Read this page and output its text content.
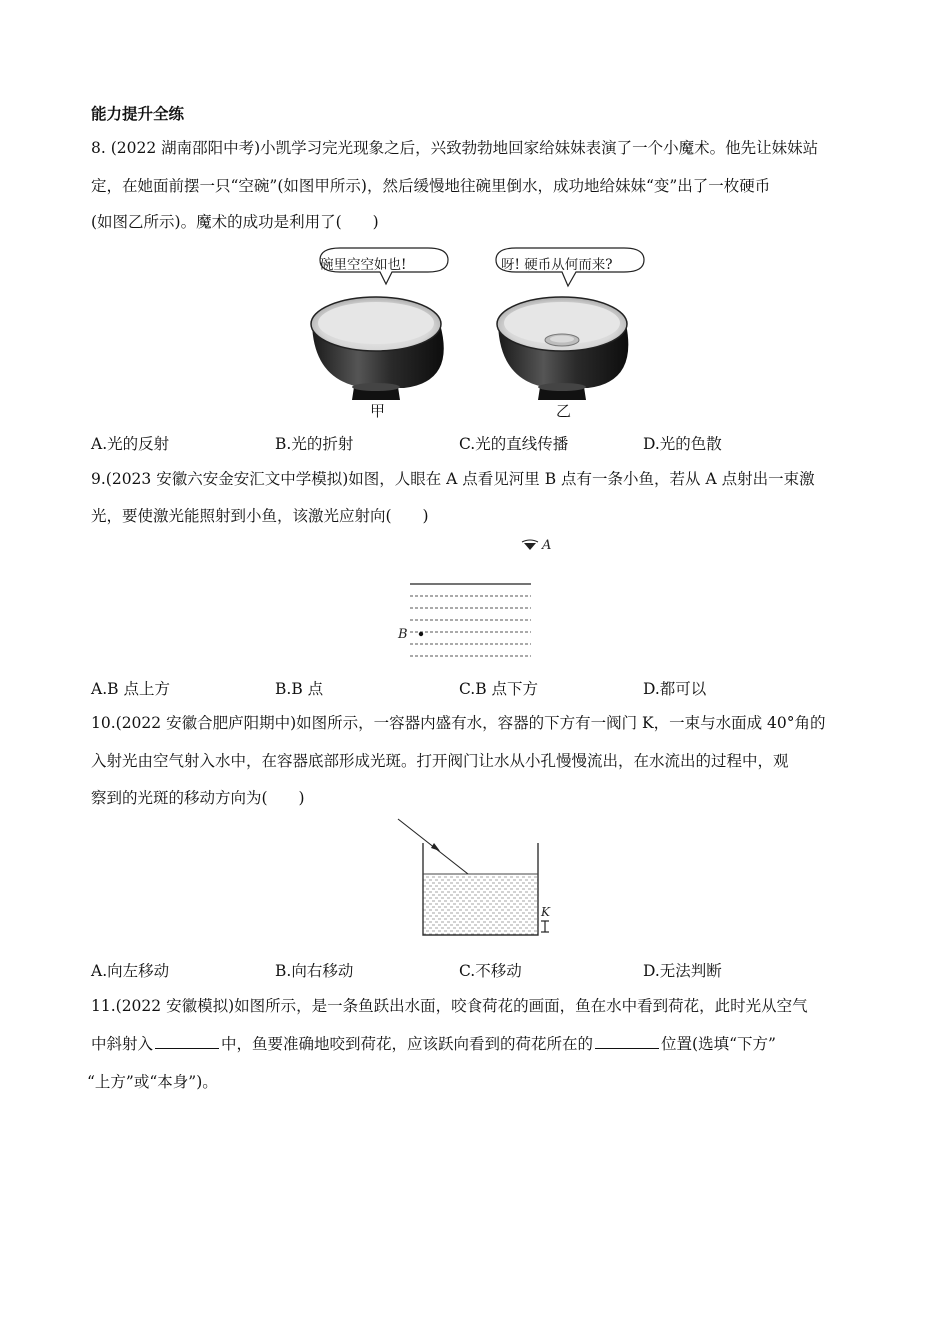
能力提升全练
8. (2022 湖南邵阳中考)小凯学习完光现象之后，兴致勃勃地回家给妹妹表演了一个小魔术。他先让妹妹站
定，在她面前摆一只“空碗”(如图甲所示)，然后缓慢地往碗里倒水，成功地给妹妹“变”出了一枚硬币
(如图乙所示)。魔术的成功是利用了(　　)
碗里空空如也!
甲
呀! 硬币从何而来?
乙
A.光的反射	B.光的折射	C.光的直线传播	D.光的色散
9.(2023 安徽六安金安汇文中学模拟)如图，人眼在 A 点看见河里 B 点有一条小鱼，若从 A 点射出一束激
光，要使激光能照射到小鱼，该激光应射向(　　)
A
B
A.B 点上方	B.B 点	C.B 点下方	D.都可以
10.(2022 安徽合肥庐阳期中)如图所示，一容器内盛有水，容器的下方有一阀门 K，一束与水面成 40°角的
入射光由空气射入水中，在容器底部形成光斑。打开阀门让水从小孔慢慢流出，在水流出的过程中，观
察到的光斑的移动方向为(　　)
K
A.向左移动	B.向右移动	C.不移动	D.无法判断
11.(2022 安徽模拟)如图所示，是一条鱼跃出水面，咬食荷花的画面，鱼在水中看到荷花，此时光从空气
中斜射入	中，鱼要准确地咬到荷花，应该跃向看到的荷花所在的	位置(选填“下方”
“上方”或“本身”)。
